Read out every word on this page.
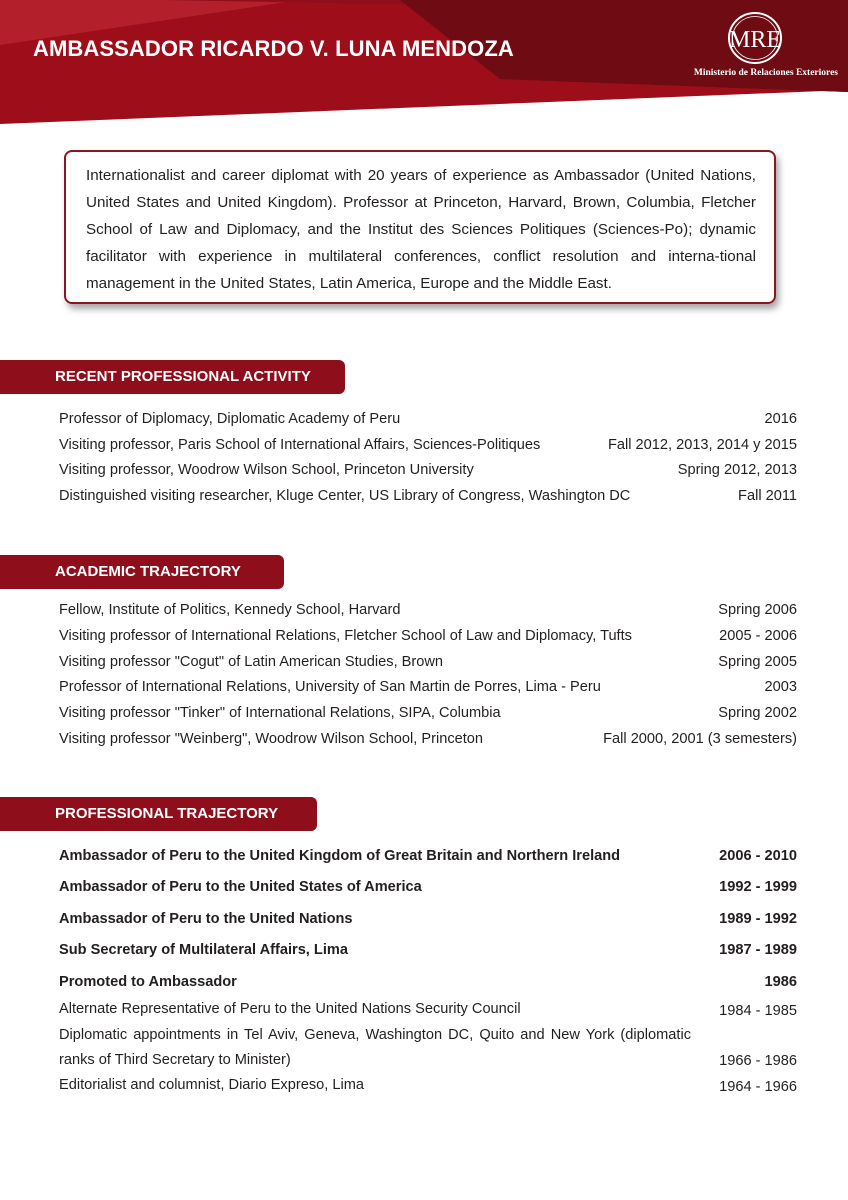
AMBASSADOR RICARDO V. LUNA MENDOZA	MRE
Ministerio de Relaciones Exteriores
Internationalist and career diplomat with 20 years of experience as Ambassador (United Nations, United States and United Kingdom). Professor at Princeton, Harvard, Brown, Columbia, Fletcher School of Law and Diplomacy, and the Institut des Sciences Politiques (Sciences-Po); dynamic facilitator with experience in multilateral conferences, conflict resolution and interna-tional management in the United States, Latin America, Europe and the Middle East.
RECENT PROFESSIONAL ACTIVITY
Professor of Diplomacy, Diplomatic Academy of Peru	2016
Visiting professor, Paris School of International Affairs, Sciences-Politiques	Fall 2012, 2013, 2014 y 2015
Visiting professor, Woodrow Wilson School, Princeton University	Spring 2012, 2013
Distinguished visiting researcher, Kluge Center, US Library of Congress, Washington DC	Fall 2011
ACADEMIC TRAJECTORY
Fellow, Institute of Politics, Kennedy School, Harvard	Spring 2006
Visiting professor of International Relations, Fletcher School of Law and Diplomacy, Tufts	2005 - 2006
Visiting professor "Cogut" of Latin American Studies, Brown	Spring 2005
Professor of International Relations, University of San Martin de Porres, Lima - Peru	2003
Visiting professor "Tinker" of International Relations, SIPA, Columbia	Spring 2002
Visiting professor "Weinberg", Woodrow Wilson School, Princeton	Fall 2000, 2001 (3 semesters)
PROFESSIONAL TRAJECTORY
Ambassador of Peru to the United Kingdom of Great Britain and Northern Ireland	2006 - 2010
Ambassador of Peru to the United States of America	1992 - 1999
Ambassador of Peru to the United Nations	1989 - 1992
Sub Secretary of Multilateral Affairs, Lima	1987 - 1989
Promoted to Ambassador	1986
Alternate Representative of Peru to the United Nations Security Council	1984 - 1985
Diplomatic appointments in Tel Aviv, Geneva, Washington DC, Quito and New York (diplomatic ranks of Third Secretary to Minister)	1966 - 1986
Editorialist and columnist, Diario Expreso, Lima	1964 - 1966
